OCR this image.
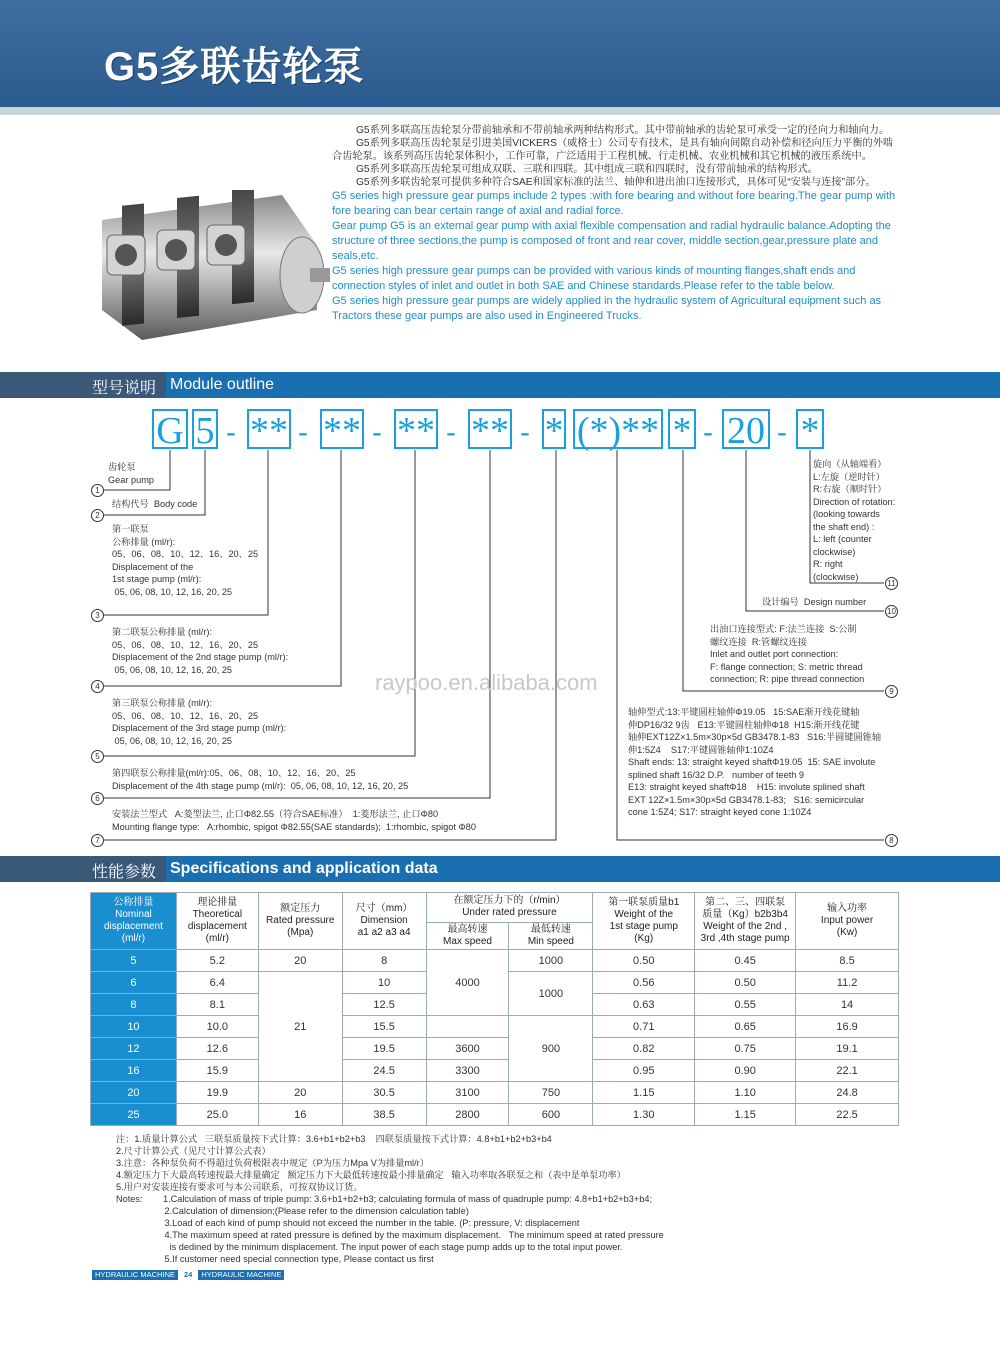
G5多联齿轮泵

G5系列多联高压齿轮泵分带前轴承和不带前轴承两种结构形式。其中带前轴承的齿轮泵可承受一定的径向力和轴向力。

G5系列多联高压齿轮泵是引进美国VICKERS（威格士）公司专有技术，是具有轴向间隙自动补偿和径向压力平衡的外啮合齿轮泵。该系列高压齿轮泵体积小，工作可靠，广泛适用于工程机械、行走机械、农业机械和其它机械的液压系统中。

G5系列多联高压齿轮泵可组成双联、三联和四联。其中组成三联和四联时，没有带前轴承的结构形式。

G5系列多联齿轮泵可提供多种符合SAE和国家标准的法兰、轴伸和进出油口连接形式，具体可见“安装与连接”部分。

G5 series high pressure gear pumps include 2 types :with fore bearing and without fore bearing.The gear pump with fore bearing can bear certain range of axial and radial force.

Gear pump G5 is an external gear pump with axial flexible compensation and radial hydraulic balance.Adopting the structure of three sections,the pump is composed of front and rear cover, middle section,gear,pressure plate and seals,etc.

G5 series high pressure gear pumps can be provided with various kinds of mounting flanges,shaft ends and connection styles of inlet and outlet in both SAE and Chinese standards.Please refer to the table below.

G5 series high pressure gear pumps are widely applied in the hydraulic system of Agricultural equipment such as Tractors these gear pumps are also used in Engineered Trucks.

型号说明 Module outline
G 5 - ** - ** - ** - ** - * (*)** * - 20 - *
raypoo.en.alibaba.com
齿轮泵
Gear pump
结构代号  Body code
第一联泵
公称排量 (ml/r):
05、06、08、10、12、16、20、25
Displacement of the
1st stage pump (ml/r):
05, 06, 08, 10, 12, 16, 20, 25
第二联泵公称排量 (ml/r):
05、06、08、10、12、16、20、25
Displacement of the 2nd stage pump (ml/r):
05, 06, 08, 10, 12, 16, 20, 25
第三联泵公称排量 (ml/r):
05、06、08、10、12、16、20、25
Displacement of the 3rd stage pump (ml/r):
05, 06, 08, 10, 12, 16, 20, 25
第四联泵公称排量(ml/r):05、06、08、10、12、16、20、25
Displacement of the 4th stage pump (ml/r):  05, 06, 08, 10, 12, 16, 20, 25
安装法兰型式   A:菱型法兰, 止口Φ82.55（符合SAE标准）  1:菱形法兰, 止口Φ80
Mounting flange type:   A:rhombic, spigot Φ82.55(SAE standards);  1:rhombic, spigot Φ80
轴伸型式:13:平键圆柱轴伸Φ19.05   15:SAE渐开线花键轴
伸DP16/32 9齿   E13:平键圆柱轴伸Φ18  H15:渐开线花键
轴伸EXT12Z×1.5m×30p×5d GB3478.1-83   S16:半圆键圆锥轴
伸1:5Z4    S17:平键圆锥轴伸1:10Z4
Shaft ends: 13: straight keyed shaftΦ19.05  15: SAE involute
splined shaft 16/32 D.P.   number of teeth 9
E13: straight keyed shaftΦ18    H15: involute splined shaft
EXT 12Z×1.5m×30p×5d GB3478.1-83;   S16: semicircular
cone 1:5Z4; S17: straight keyed cone 1:10Z4
出油口连接型式: F:法兰连接  S:公制
螺纹连接  R:管螺纹连接
Inlet and outlet port connection:
F: flange connection; S: metric thread
connection; R: pipe thread connection
设计编号  Design number
旋向（从轴端看）
L:左旋（逆时针）
R:右旋（顺时针）
Direction of rotation:
(looking towards
the shaft end) :
L: left (counter
clockwise)
R: right
(clockwise)
1
2
3
4
5
6
7	8
9
10
11
性能参数 Specifications and application data
公称排量
Nominal
displacement
(ml/r)	理论排量
Theoretical
displacement
(ml/r)	额定压力
Rated pressure
(Mpa)	尺寸（mm）
Dimension
a1 a2 a3 a4	在额定压力下的（r/min）
Under rated pressure		第一联泵质量b1
Weight of the
1st stage pump
(Kg)	第二、三、四联泵
质量（Kg）b2b3b4
Weight of the 2nd ,
3rd ,4th stage pump	输入功率
Input power
(Kw)
				最高转速
Max speed	最低转速
Min speed			
5	5.2	20	8	4000	1000	0.50	0.45	8.5
6	6.4	21	10		1000	0.56	0.50	11.2
8	8.1		12.5			0.63	0.55	14
10	10.0		15.5		900	0.71	0.65	16.9
12	12.6		19.5	3600		0.82	0.75	19.1
16	15.9		24.5	3300		0.95	0.90	22.1
20	19.9	20	30.5	3100	750	1.15	1.10	24.8
25	25.0	16	38.5	2800	600	1.30	1.15	22.5
注：1.质量计算公式   三联泵质量按下式计算：3.6+b1+b2+b3    四联泵质量按下式计算：4.8+b1+b2+b3+b4
2.尺寸计算公式（见尺寸计算公式表）
3.注意：各种泵负荷不得超过负荷极限表中规定（P为压力Mpa V为排量ml/r）
4.额定压力下大最高转速按最大排量确定   额定压力下大最低转速按最小排量确定   输入功率取各联泵之和（表中是单泵功率）
5.用户对安装连接有要求可与本公司联系，可按双协议订货。
Notes:        1.Calculation of mass of triple pump: 3.6+b1+b2+b3; calculating formula of mass of quadruple pump: 4.8+b1+b2+b3+b4;
2.Calculation of dimension;(Please refer to the dimension calculation table)
3.Load of each kind of pump should not exceed the number in the table. (P: pressure, V: displacement
4.The maximum speed at rated pressure is defined by the maximum displacement.   The minimum speed at rated pressure
is dedined by the minimum displacement. The input power of each stage pump adds up to the total input power.
5.If customer need special connection type, Please contact us first
HYDRAULIC MACHINE 24 HYDRAULIC MACHINE
